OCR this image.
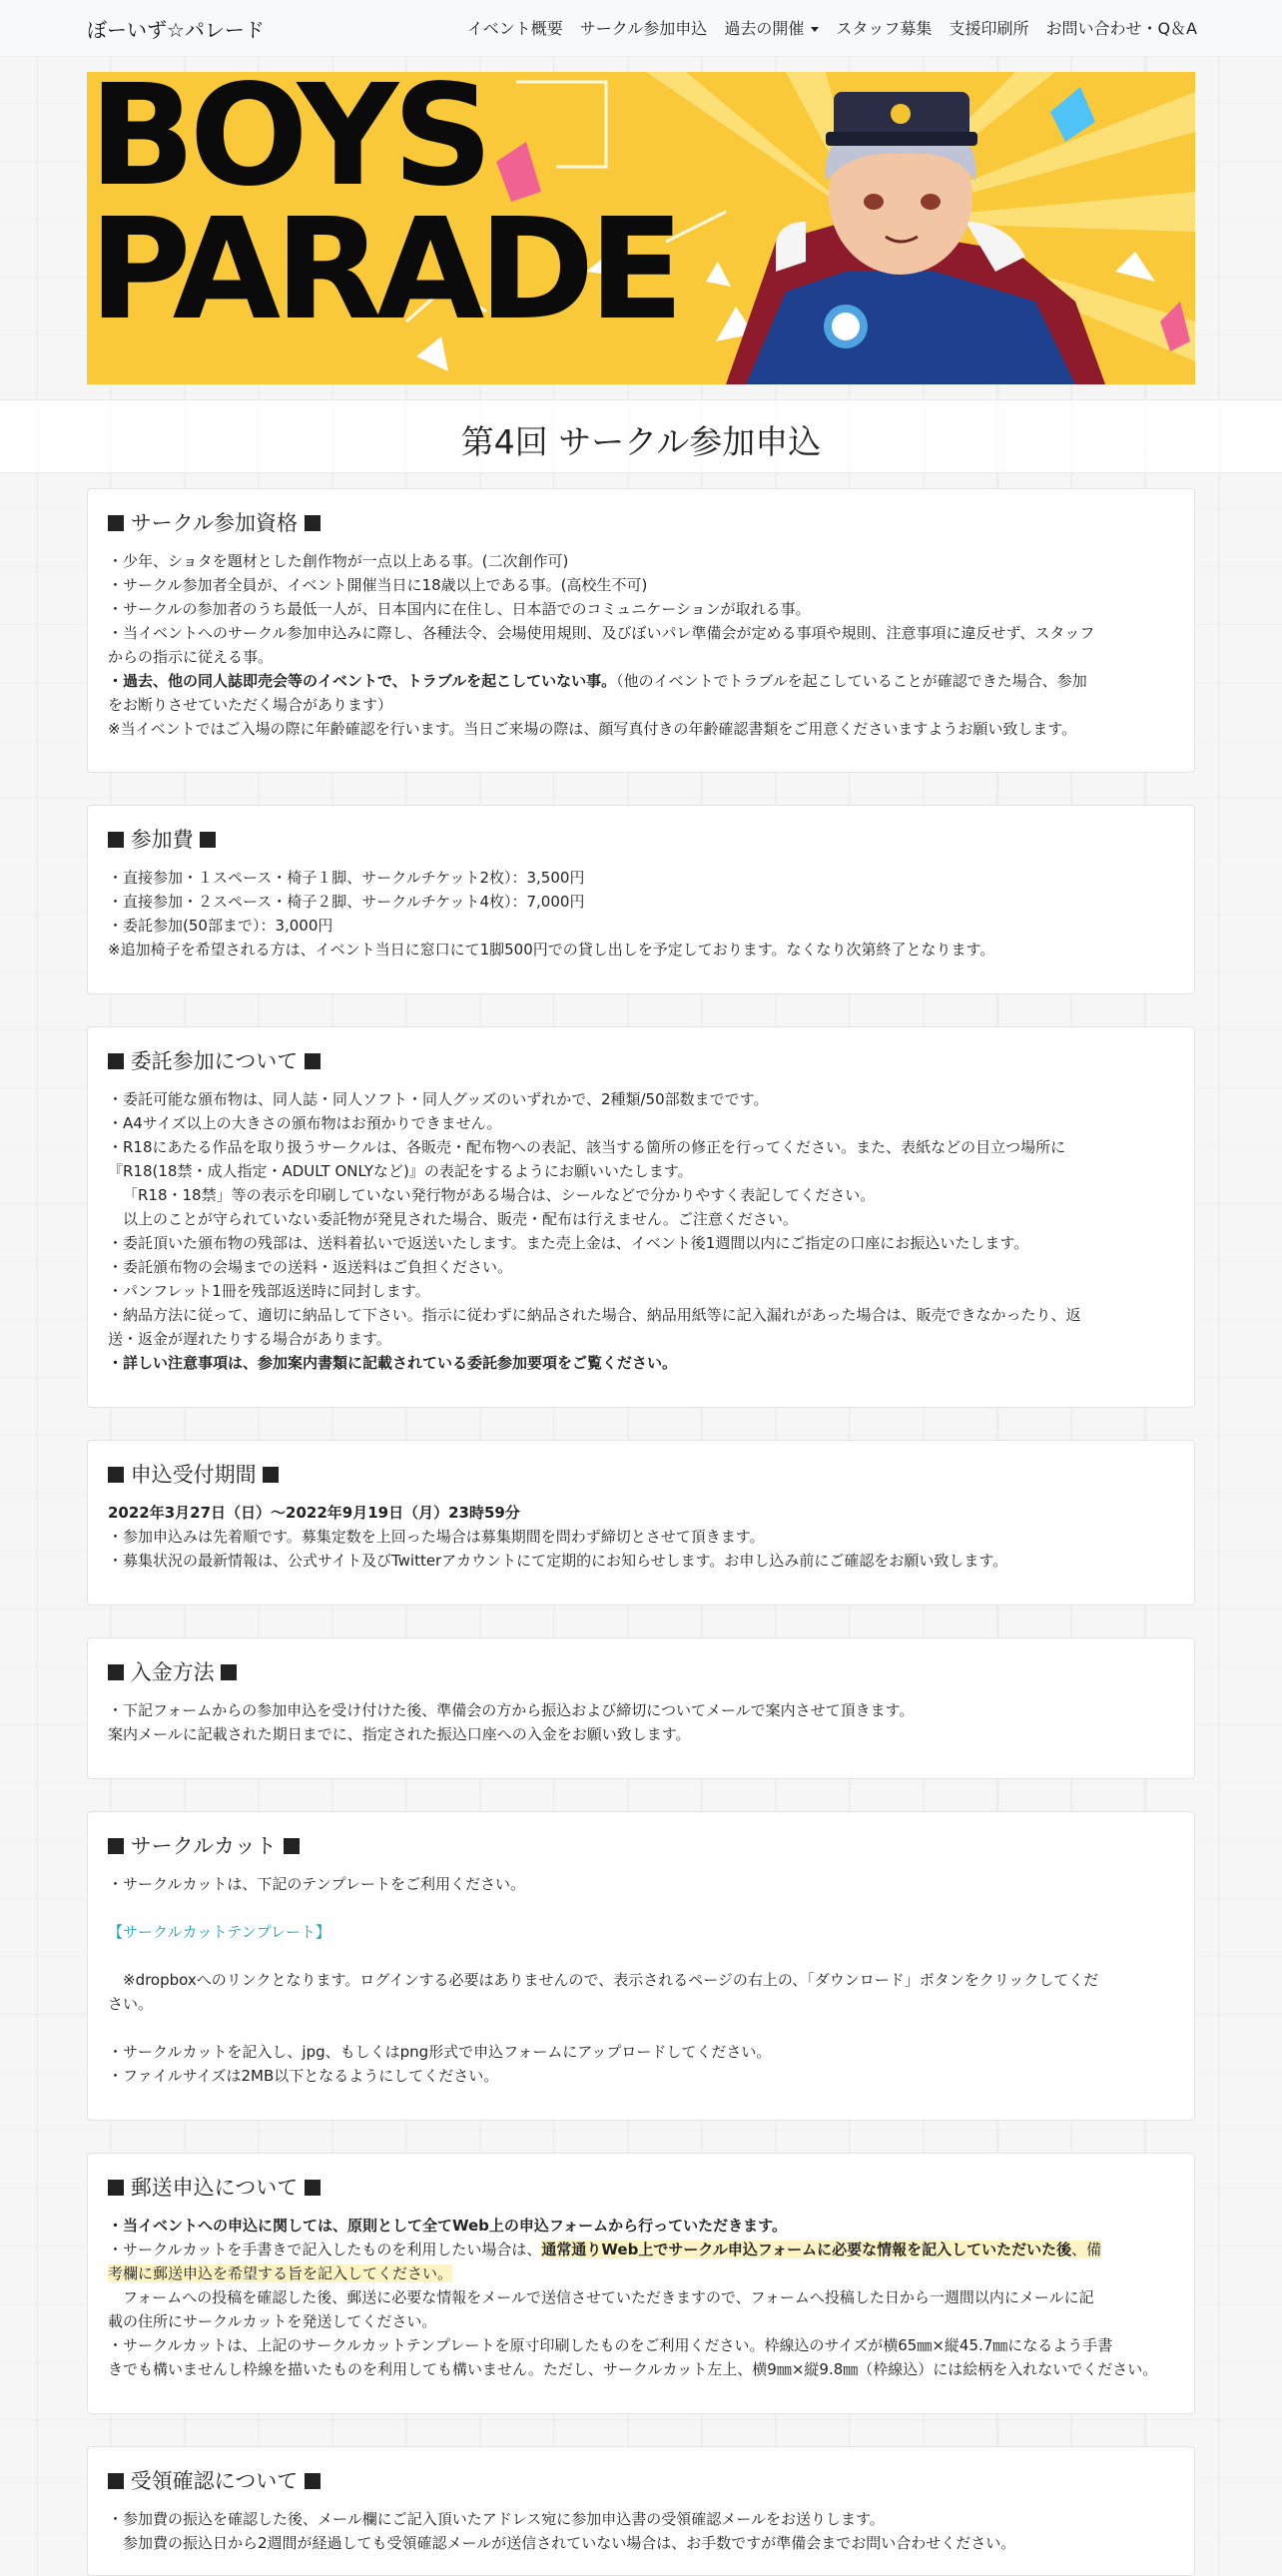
ぼーいず☆パレード	イベント概要 サークル参加申込 過去の開催	スタッフ募集 支援印刷所 お問い合わせ・Q＆A
BOYS
PARADE
第4回 サークル参加申込
サークル参加資格

・少年、ショタを題材とした創作物が一点以上ある事。(二次創作可)

・サークル参加者全員が、イベント開催当日に18歳以上である事。(高校生不可)

・サークルの参加者のうち最低一人が、日本国内に在住し、日本語でのコミュニケーションが取れる事。

・当イベントへのサークル参加申込みに際し、各種法令、会場使用規則、及びぼいパレ準備会が定める事項や規則、注意事項に違反せず、スタッフ

からの指示に従える事。

・過去、他の同人誌即売会等のイベントで、トラブルを起こしていない事。（他のイベントでトラブルを起こしていることが確認できた場合、参加

をお断りさせていただく場合があります）

※当イベントではご入場の際に年齢確認を行います。当日ご来場の際は、顔写真付きの年齢確認書類をご用意くださいますようお願い致します。

参加費

・直接参加・１スペース・椅子１脚、サークルチケット2枚）：3,500円

・直接参加・２スペース・椅子２脚、サークルチケット4枚）：7,000円

・委託参加(50部まで）：3,000円

※追加椅子を希望される方は、イベント当日に窓口にて1脚500円での貸し出しを予定しております。なくなり次第終了となります。

委託参加について

・委託可能な頒布物は、同人誌・同人ソフト・同人グッズのいずれかで、2種類/50部数までです。

・A4サイズ以上の大きさの頒布物はお預かりできません。

・R18にあたる作品を取り扱うサークルは、各販売・配布物への表記、該当する箇所の修正を行ってください。また、表紙などの目立つ場所に

『R18(18禁・成人指定・ADULT ONLYなど)』の表記をするようにお願いいたします。

「R18・18禁」等の表示を印刷していない発行物がある場合は、シールなどで分かりやすく表記してください。

以上のことが守られていない委託物が発見された場合、販売・配布は行えません。ご注意ください。

・委託頂いた頒布物の残部は、送料着払いで返送いたします。また売上金は、イベント後1週間以内にご指定の口座にお振込いたします。

・委託頒布物の会場までの送料・返送料はご負担ください。

・パンフレット1冊を残部返送時に同封します。

・納品方法に従って、適切に納品して下さい。指示に従わずに納品された場合、納品用紙等に記入漏れがあった場合は、販売できなかったり、返

送・返金が遅れたりする場合があります。

・詳しい注意事項は、参加案内書類に記載されている委託参加要項をご覧ください。

申込受付期間

2022年3月27日（日）～2022年9月19日（月）23時59分

・参加申込みは先着順です。募集定数を上回った場合は募集期間を問わず締切とさせて頂きます。

・募集状況の最新情報は、公式サイト及びTwitterアカウントにて定期的にお知らせします。お申し込み前にご確認をお願い致します。

入金方法

・下記フォームからの参加申込を受け付けた後、準備会の方から振込および締切についてメールで案内させて頂きます。

案内メールに記載された期日までに、指定された振込口座への入金をお願い致します。

サークルカット

・サークルカットは、下記のテンプレートをご利用ください。

【サークルカットテンプレート】

※dropboxへのリンクとなります。ログインする必要はありませんので、表示されるページの右上の、「ダウンロード」ボタンをクリックしてくだ

さい。

・サークルカットを記入し、jpg、もしくはpng形式で申込フォームにアップロードしてください。

・ファイルサイズは2MB以下となるようにしてください。

郵送申込について

・当イベントへの申込に関しては、原則として全てWeb上の申込フォームから行っていただきます。

・サークルカットを手書きで記入したものを利用したい場合は、通常通りWeb上でサークル申込フォームに必要な情報を記入していただいた後、備

考欄に郵送申込を希望する旨を記入してください。

フォームへの投稿を確認した後、郵送に必要な情報をメールで送信させていただきますので、フォームへ投稿した日から一週間以内にメールに記

載の住所にサークルカットを発送してください。

・サークルカットは、上記のサークルカットテンプレートを原寸印刷したものをご利用ください。枠線込のサイズが横65㎜×縦45.7㎜になるよう手書

きでも構いませんし枠線を描いたものを利用しても構いません。ただし、サークルカット左上、横9㎜×縦9.8㎜（枠線込）には絵柄を入れないでください。

受領確認について

・参加費の振込を確認した後、メール欄にご記入頂いたアドレス宛に参加申込書の受領確認メールをお送りします。

参加費の振込日から2週間が経過しても受領確認メールが送信されていない場合は、お手数ですが準備会までお問い合わせください。
